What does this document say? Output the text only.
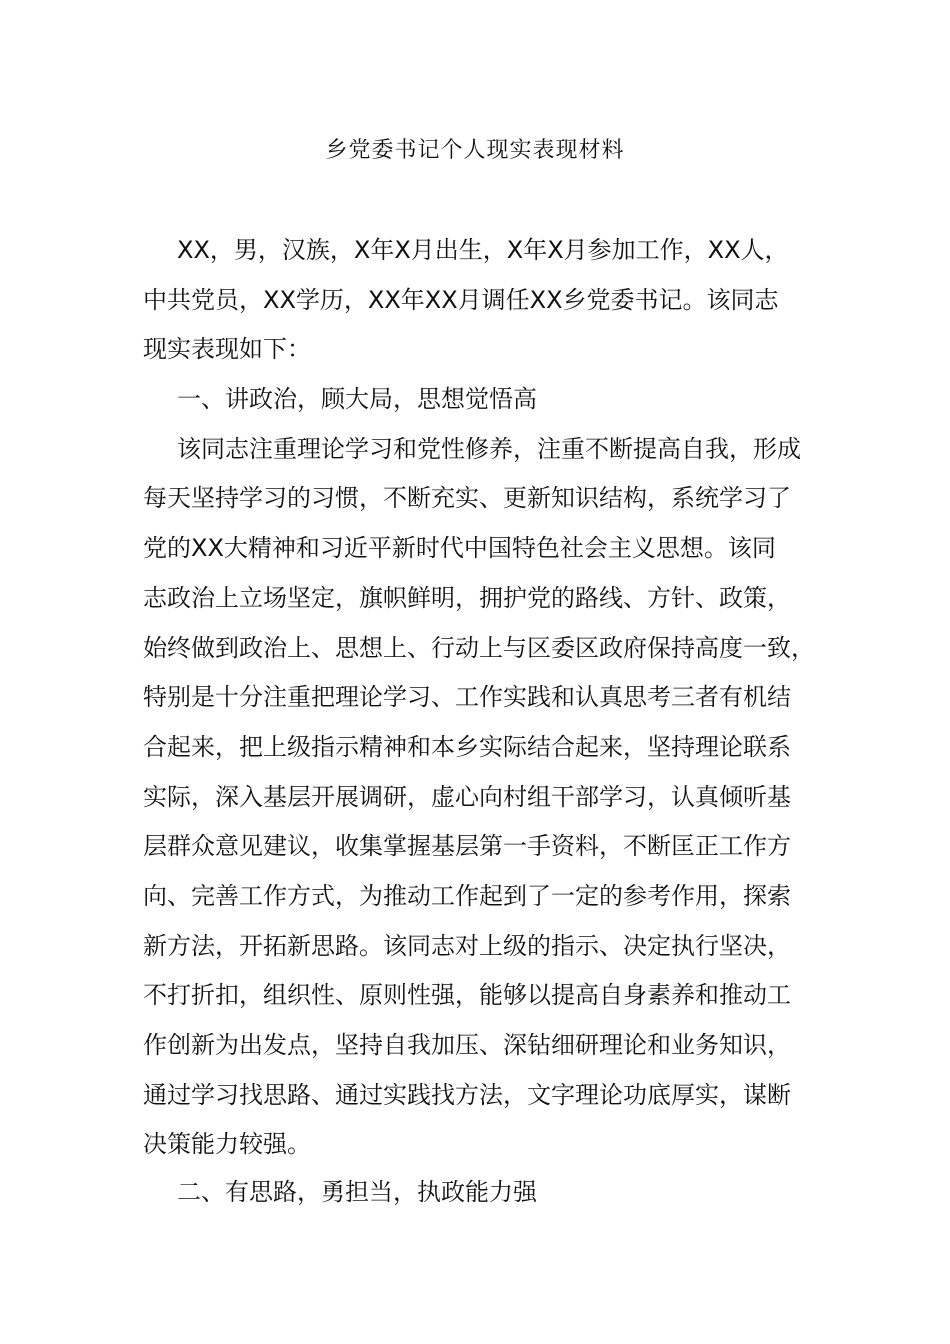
乡党委书记个人现实表现材料
XX，男，汉族，X年X月出生，X年X月参加工作，XX人，
中共党员，XX学历，XX年XX月调任XX乡党委书记。该同志
现实表现如下：
一、讲政治，顾大局，思想觉悟高
该同志注重理论学习和党性修养，注重不断提高自我，形成
每天坚持学习的习惯，不断充实、更新知识结构，系统学习了
党的XX大精神和习近平新时代中国特色社会主义思想。该同
志政治上立场坚定，旗帜鲜明，拥护党的路线、方针、政策，
始终做到政治上、思想上、行动上与区委区政府保持高度一致，
特别是十分注重把理论学习、工作实践和认真思考三者有机结
合起来，把上级指示精神和本乡实际结合起来，坚持理论联系
实际，深入基层开展调研，虚心向村组干部学习，认真倾听基
层群众意见建议，收集掌握基层第一手资料，不断匡正工作方
向、完善工作方式，为推动工作起到了一定的参考作用，探索
新方法，开拓新思路。该同志对上级的指示、决定执行坚决，
不打折扣，组织性、原则性强，能够以提高自身素养和推动工
作创新为出发点，坚持自我加压、深钻细研理论和业务知识，
通过学习找思路、通过实践找方法，文字理论功底厚实，谋断
决策能力较强。
二、有思路，勇担当，执政能力强
